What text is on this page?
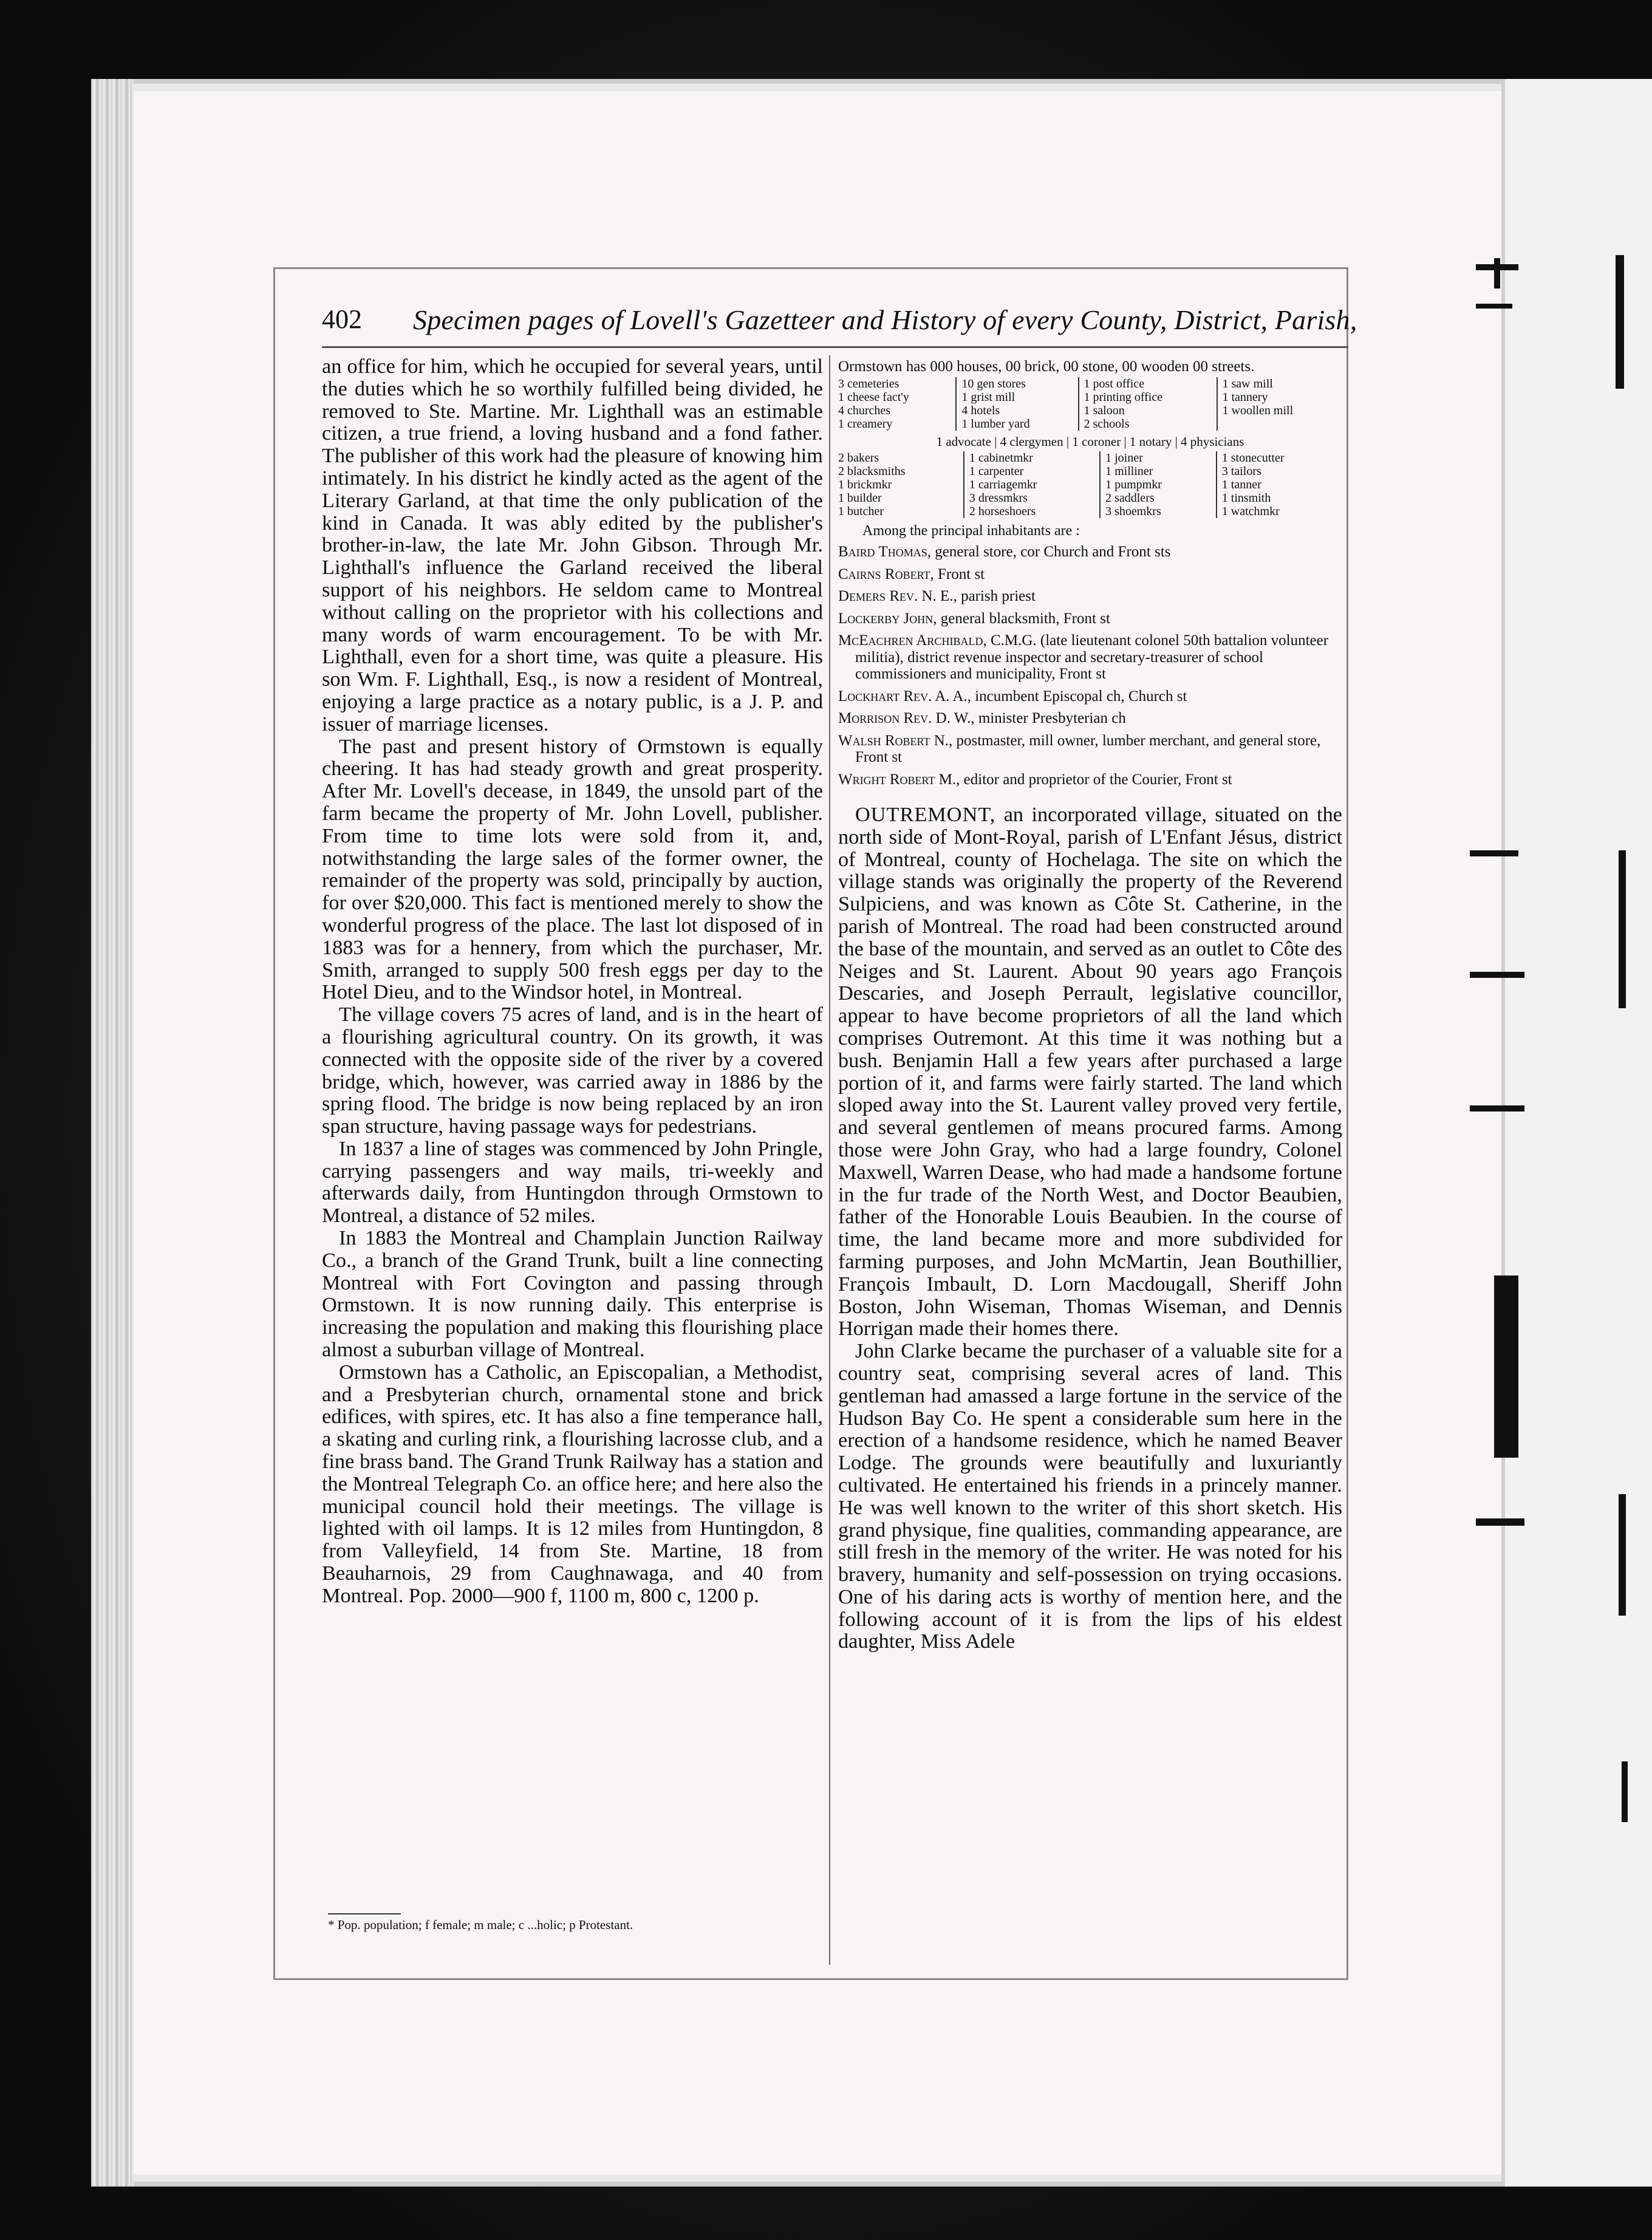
402 Specimen pages of Lovell's Gazetteer and History of every County, District, Parish,

an office for him, which he occupied for several years, until the duties which he so worthily fulfilled being divided, he removed to Ste. Martine. Mr. Lighthall was an estimable citizen, a true friend, a loving husband and a fond father. The publisher of this work had the pleasure of knowing him intimately. In his district he kindly acted as the agent of the Literary Garland, at that time the only publication of the kind in Canada. It was ably edited by the publisher's brother-in-law, the late Mr. John Gibson. Through Mr. Lighthall's influence the Garland received the liberal support of his neighbors. He seldom came to Montreal without calling on the proprietor with his collections and many words of warm encouragement. To be with Mr. Lighthall, even for a short time, was quite a pleasure. His son Wm. F. Lighthall, Esq., is now a resident of Montreal, enjoying a large practice as a notary public, is a J. P. and issuer of marriage licenses.

The past and present history of Ormstown is equally cheering. It has had steady growth and great prosperity. After Mr. Lovell's decease, in 1849, the unsold part of the farm became the property of Mr. John Lovell, publisher. From time to time lots were sold from it, and, notwithstanding the large sales of the former owner, the remainder of the property was sold, principally by auction, for over $20,000. This fact is mentioned merely to show the wonderful progress of the place. The last lot disposed of in 1883 was for a hennery, from which the purchaser, Mr. Smith, arranged to supply 500 fresh eggs per day to the Hotel Dieu, and to the Windsor hotel, in Montreal.

The village covers 75 acres of land, and is in the heart of a flourishing agricultural country. On its growth, it was connected with the opposite side of the river by a covered bridge, which, however, was carried away in 1886 by the spring flood. The bridge is now being replaced by an iron span structure, having passage ways for pedestrians.

In 1837 a line of stages was commenced by John Pringle, carrying passengers and way mails, tri-weekly and afterwards daily, from Huntingdon through Ormstown to Montreal, a distance of 52 miles.

In 1883 the Montreal and Champlain Junction Railway Co., a branch of the Grand Trunk, built a line connecting Montreal with Fort Covington and passing through Ormstown. It is now running daily. This enterprise is increasing the population and making this flourishing place almost a suburban village of Montreal.

Ormstown has a Catholic, an Episcopalian, a Methodist, and a Presbyterian church, ornamental stone and brick edifices, with spires, etc. It has also a fine temperance hall, a skating and curling rink, a flourishing lacrosse club, and a fine brass band. The Grand Trunk Railway has a station and the Montreal Telegraph Co. an office here; and here also the municipal council hold their meetings. The village is lighted with oil lamps. It is 12 miles from Huntingdon, 8 from Valleyfield, 14 from Ste. Martine, 18 from Beauharnois, 29 from Caughnawaga, and 40 from Montreal. Pop. 2000—900 f, 1100 m, 800 c, 1200 p.

Ormstown has 000 houses, 00 brick, 00 stone, 00 wooden 00 streets.

3 cemeteries	10 gen stores	1 post office	1 saw mill
1 cheese fact'y	1 grist mill	1 printing office	1 tannery
4 churches	4 hotels	1 saloon	1 woollen mill
1 creamery	1 lumber yard	2 schools	

1 advocate | 4 clergymen | 1 coroner | 1 notary | 4 physicians

2 bakers	1 cabinetmkr	1 joiner	1 stonecutter
2 blacksmiths	1 carpenter	1 milliner	3 tailors
1 brickmkr	1 carriagemkr	1 pumpmkr	1 tanner
1 builder	3 dressmkrs	2 saddlers	1 tinsmith
1 butcher	2 horseshoers	3 shoemkrs	1 watchmkr

Among the principal inhabitants are :

Baird Thomas, general store, cor Church and Front sts

Cairns Robert, Front st

Demers Rev. N. E., parish priest

Lockerby John, general blacksmith, Front st

McEachren Archibald, C.M.G. (late lieutenant colonel 50th battalion volunteer militia), district revenue inspector and secretary-treasurer of school commissioners and municipality, Front st

Lockhart Rev. A. A., incumbent Episcopal ch, Church st

Morrison Rev. D. W., minister Presbyterian ch

Walsh Robert N., postmaster, mill owner, lumber merchant, and general store, Front st

Wright Robert M., editor and proprietor of the Courier, Front st

OUTREMONT, an incorporated village, situated on the north side of Mont-Royal, parish of L'Enfant Jésus, district of Montreal, county of Hochelaga. The site on which the village stands was originally the property of the Reverend Sulpiciens, and was known as Côte St. Catherine, in the parish of Montreal. The road had been constructed around the base of the mountain, and served as an outlet to Côte des Neiges and St. Laurent. About 90 years ago François Descaries, and Joseph Perrault, legislative councillor, appear to have become proprietors of all the land which comprises Outremont. At this time it was nothing but a bush. Benjamin Hall a few years after purchased a large portion of it, and farms were fairly started. The land which sloped away into the St. Laurent valley proved very fertile, and several gentlemen of means procured farms. Among those were John Gray, who had a large foundry, Colonel Maxwell, Warren Dease, who had made a handsome fortune in the fur trade of the North West, and Doctor Beaubien, father of the Honorable Louis Beaubien. In the course of time, the land became more and more subdivided for farming purposes, and John McMartin, Jean Bouthillier, François Imbault, D. Lorn Macdougall, Sheriff John Boston, John Wiseman, Thomas Wiseman, and Dennis Horrigan made their homes there.

John Clarke became the purchaser of a valuable site for a country seat, comprising several acres of land. This gentleman had amassed a large fortune in the service of the Hudson Bay Co. He spent a considerable sum here in the erection of a handsome residence, which he named Beaver Lodge. The grounds were beautifully and luxuriantly cultivated. He entertained his friends in a princely manner. He was well known to the writer of this short sketch. His grand physique, fine qualities, commanding appearance, are still fresh in the memory of the writer. He was noted for his bravery, humanity and self-possession on trying occasions. One of his daring acts is worthy of mention here, and the following account of it is from the lips of his eldest daughter, Miss Adele

* Pop. population; f female; m male; c ...holic; p Protestant.
